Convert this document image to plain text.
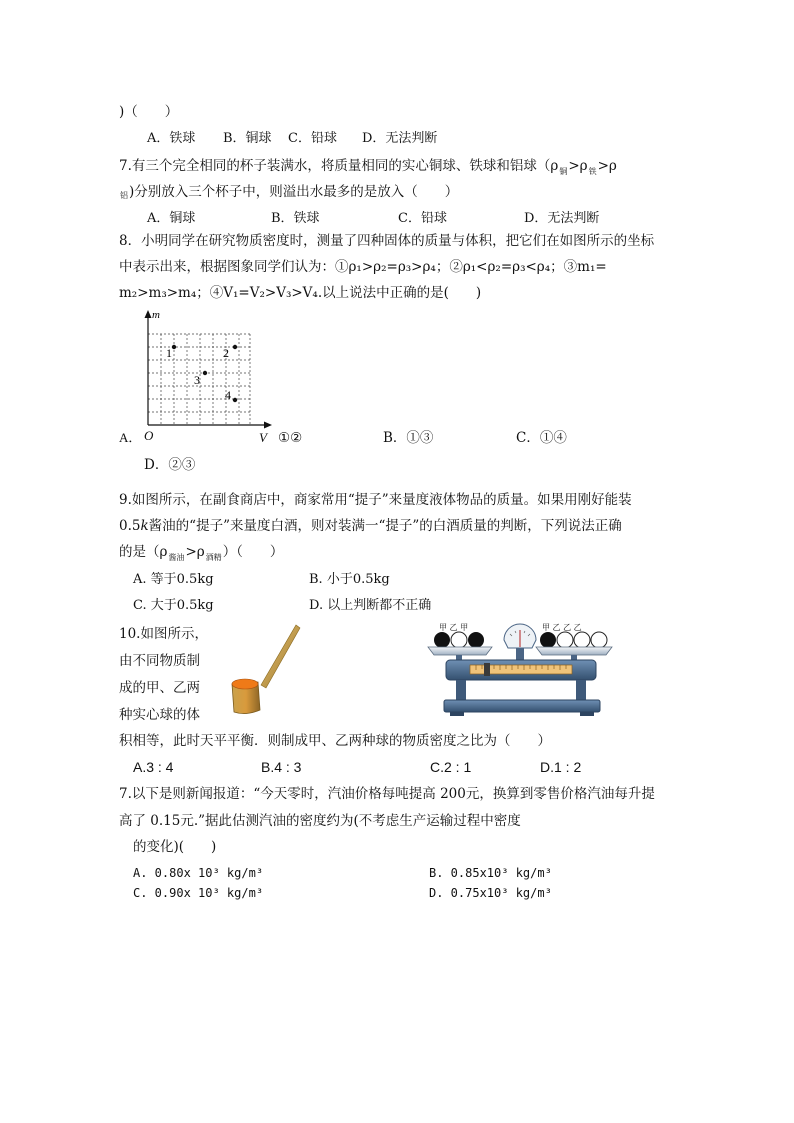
)（　　）
A．铁球 B．铜球 C．铅球 D．无法判断
7.有三个完全相同的杯子装满水，将质量相同的实心铜球、铁球和铝球（$\rho_铜>\rho_铁>\rho$
铝)分别放入三个杯子中，则溢出水最多的是放入（　　）
A．铜球	B．铁球	C．铅球	D．无法判断
8．小明同学在研究物质密度时，测量了四种固体的质量与体积，把它们在如图所示的坐标
中表示出来，根据图象同学们认为：①ρ₁>ρ₂=ρ₃>ρ₄；②ρ₁<ρ₂=ρ₃<ρ₄；③m₁=
m₂>m₃>m₄；④V₁=V₂>V₃>V₄.以上说法中正确的是(　　)
m
1	2
3
4
A． O	V ①②	B．①③	C．①④
D．②③
9.如图所示，在副食商店中，商家常用“提子”来量度液体物品的质量。如果用刚好能装
0.5k酱油的“提子”来量度白酒，则对装满一“提子”的白酒质量的判断，下列说法正确
的是$(\rho_{酱油}>\rho_{酒精})$（　　）
A. 等于0.5kg	B. 小于0.5kg
C. 大于0.5kg	D. 以上判断都不正确
10.如图所示，
由不同物质制
成的甲、乙两
种实心球的体
甲 乙 甲	甲 乙 乙 乙
积相等，此时天平平衡．则制成甲、乙两种球的物质密度之比为（　　）
A.3 : 4	B.4 : 3	C.2 : 1	D.1 : 2
7.以下是则新闻报道：“今天零时，汽油价格每吨提高 200元，换算到零售价格汽油每升提
高了 0.15元.”据此估测汽油的密度约为(不考虑生产运输过程中密度
的变化)(　　)
A. 0.80x 10³ kg/m³	B. 0.85x10³ kg/m³
C. 0.90x 10³ kg/m³	D. 0.75x10³ kg/m³
